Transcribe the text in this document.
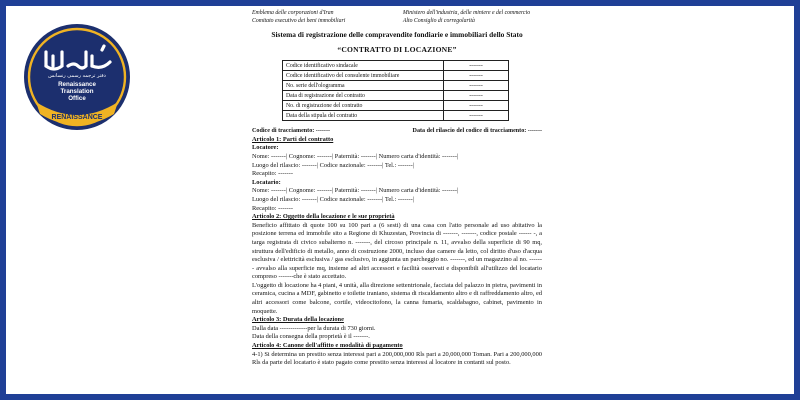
دفتر ترجمه رسمی رنسانس
Renaissance
Translation
Office
RENAISSANCE
Emblema delle corporazioni d'Iran
Comitato esecutivo dei beni immobiliari
Ministero dell'industria, delle miniere e del commercio
Alto Consiglio di corregolarità
Sistema di registrazione delle compravendite fondiarie e immobiliari dello Stato
“CONTRATTO DI LOCAZIONE”
Codice identificativo sindacale	-------
Codice identificativo del consulente immobiliare	-------
No. serie dell'ologramma	-------
Data di registrazione del contratto	-------
No. di registrazione del contratto	-------
Data della stipula del contratto	-------
Codice di tracciamento: -------	Data del rilascio del codice di tracciamento: -------
Articolo 1: Parti del contratto
Locatore:
Nome: -------| Cognome: -------| Paternità: -------| Numero carta d'identità: -------|
Luogo del rilascio: -------| Codice nazionale: -------| Tel.: -------|
Recapito: -------
Locatario:
Nome: -------| Cognome: -------| Paternità: -------| Numero carta d'identità: -------|
Luogo del rilascio: -------| Codice nazionale: -------| Tel.: -------|
Recapito: -------
Articolo 2: Oggetto della locazione e le sue proprietà
Beneficio affittato di quote 100 su 100 pari a (6 sesti) di una casa con l'atto personale ad uso abitativo la posizione terrena ed immobile sito a Regione di Khuzestan, Provincia di -------, -------, codice postale ------ -, a targa registrata di civico subalterno n. -------, del circoso principale n. 11, avvalso della superficie di 90 mq, struttura dell'edificio di metallo, anno di costruzione 2000, incluso due camere da letto, col diritto d'uso d'acqua esclusiva / elettricità esclusiva / gas esclusivo, in aggiunta un parcheggio no. -------, ed un magazzino al no. ------- avvalso alla superficie mq, insieme ad altri accessori e facilità osservati e disponibili all'utilizzo del locatario compreso -------che è stato accettato.
L'oggetto di locazione ha 4 piani, 4 unità, alla direzione settentrionale, facciata del palazzo in pietra, pavimenti in ceramica, cucina a MDF, gabinetto e toilette iraniano, sistema di riscaldamento altro e di raffreddamento altro, ed altri accessori come balcone, cortile, videocitofono, la canna fumaria, scaldabagno, cabinet, pavimento in moquette.
Articolo 3: Durata della locazione
Dalla data -------------per la durata di 730 giorni.
Data della consegna della proprietà è il -------.
Articolo 4: Canone dell'affitto e modalità di pagamento
4-1) Si determina un prestito senza interessi pari a 200,000,000 Rls pari a 20,000,000 Toman. Pari a 200,000,000 Rls da parte del locatario è stato pagato come prestito senza interessi al locatore in contanti sul posto.
